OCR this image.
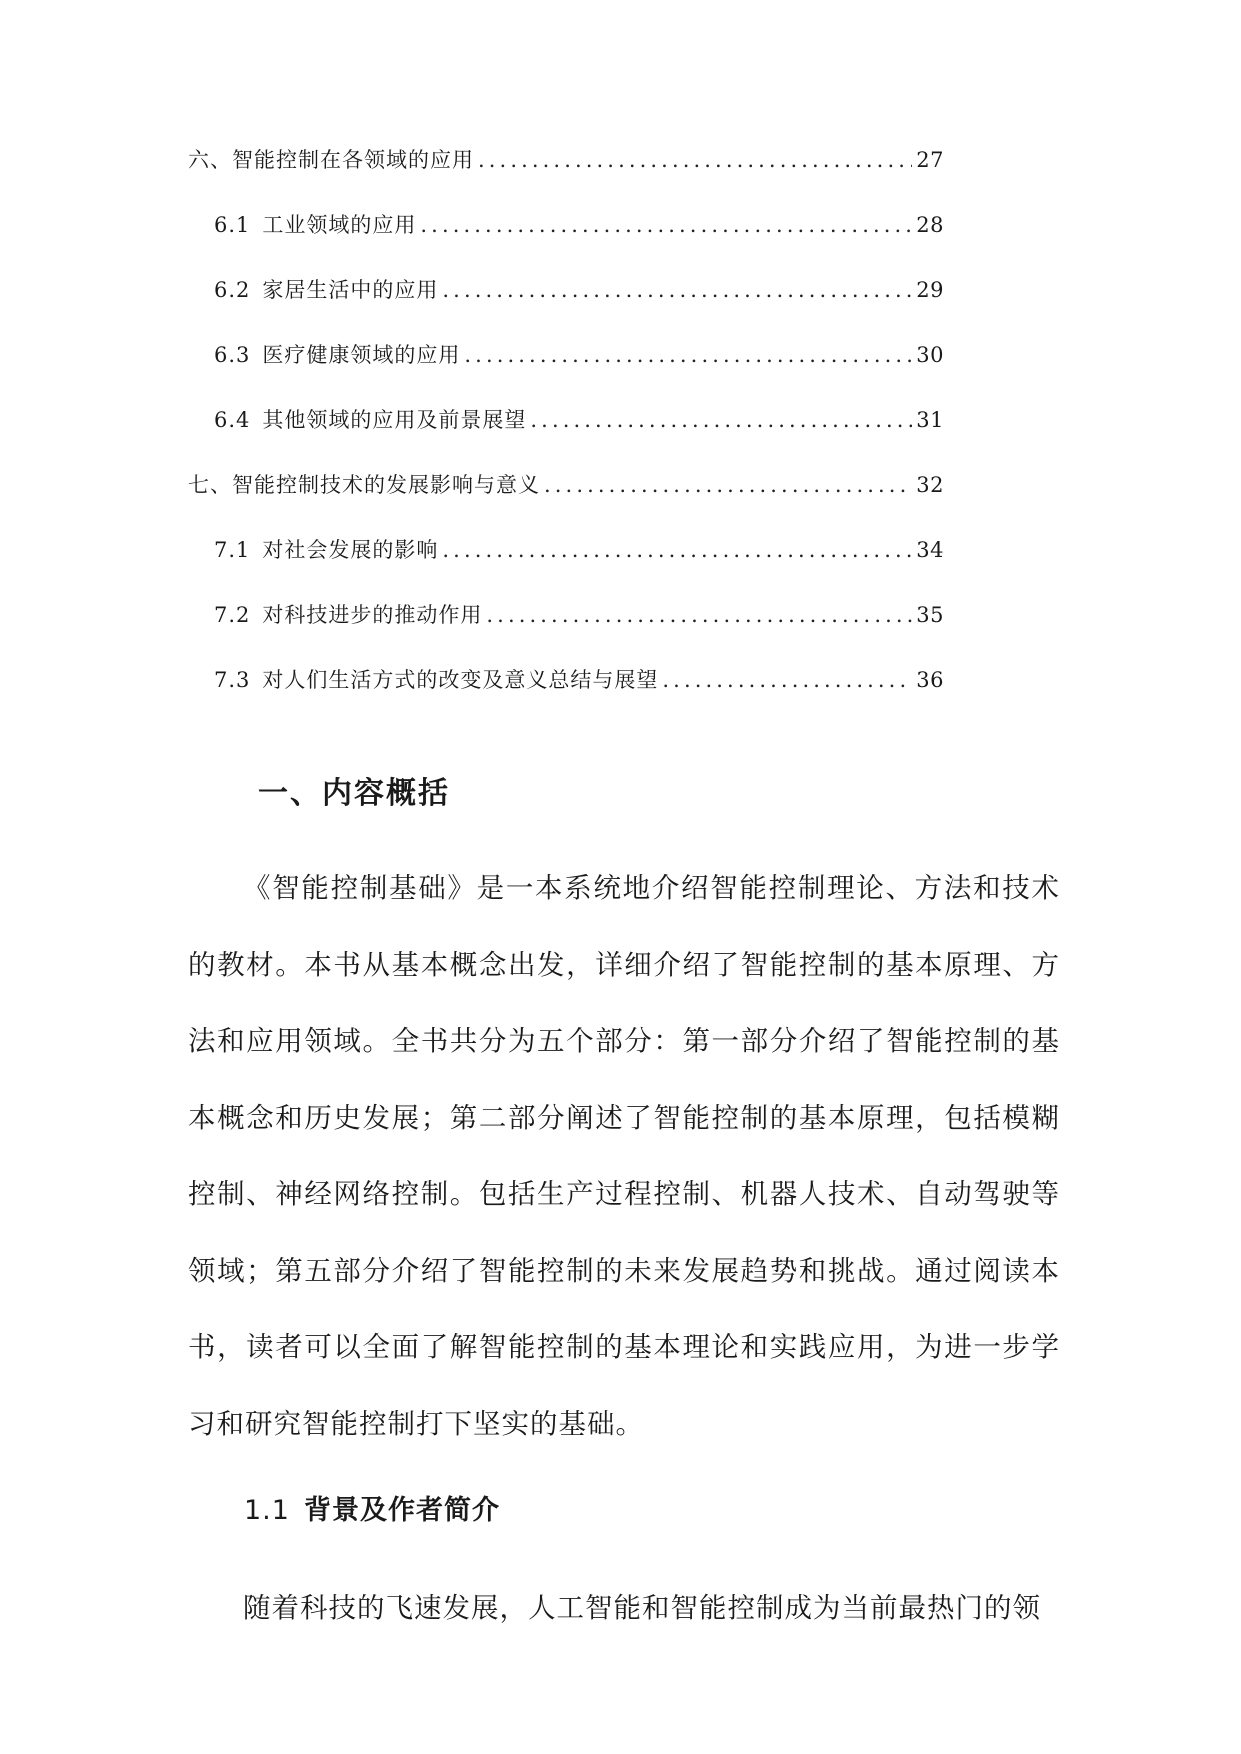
六、智能控制在各领域的应用 .....	27
6.1 工业领域的应用 .....	28
6.2 家居生活中的应用 .....	29
6.3 医疗健康领域的应用 .....	30
6.4 其他领域的应用及前景展望 .....	31
七、智能控制技术的发展影响与意义 .....	32
7.1 对社会发展的影响 .....	34
7.2 对科技进步的推动作用 .....	35
7.3 对人们生活方式的改变及意义总结与展望 .....	36
一、内容概括

《智能控制基础》是一本系统地介绍智能控制理论、方法和技术的教材。本书从基本概念出发，详细介绍了智能控制的基本原理、方法和应用领域。全书共分为五个部分：第一部分介绍了智能控制的基本概念和历史发展；第二部分阐述了智能控制的基本原理，包括模糊控制、神经网络控制。包括生产过程控制、机器人技术、自动驾驶等领域；第五部分介绍了智能控制的未来发展趋势和挑战。通过阅读本书，读者可以全面了解智能控制的基本理论和实践应用，为进一步学习和研究智能控制打下坚实的基础。

1.1 背景及作者简介

随着科技的飞速发展，人工智能和智能控制成为当前最热门的领
